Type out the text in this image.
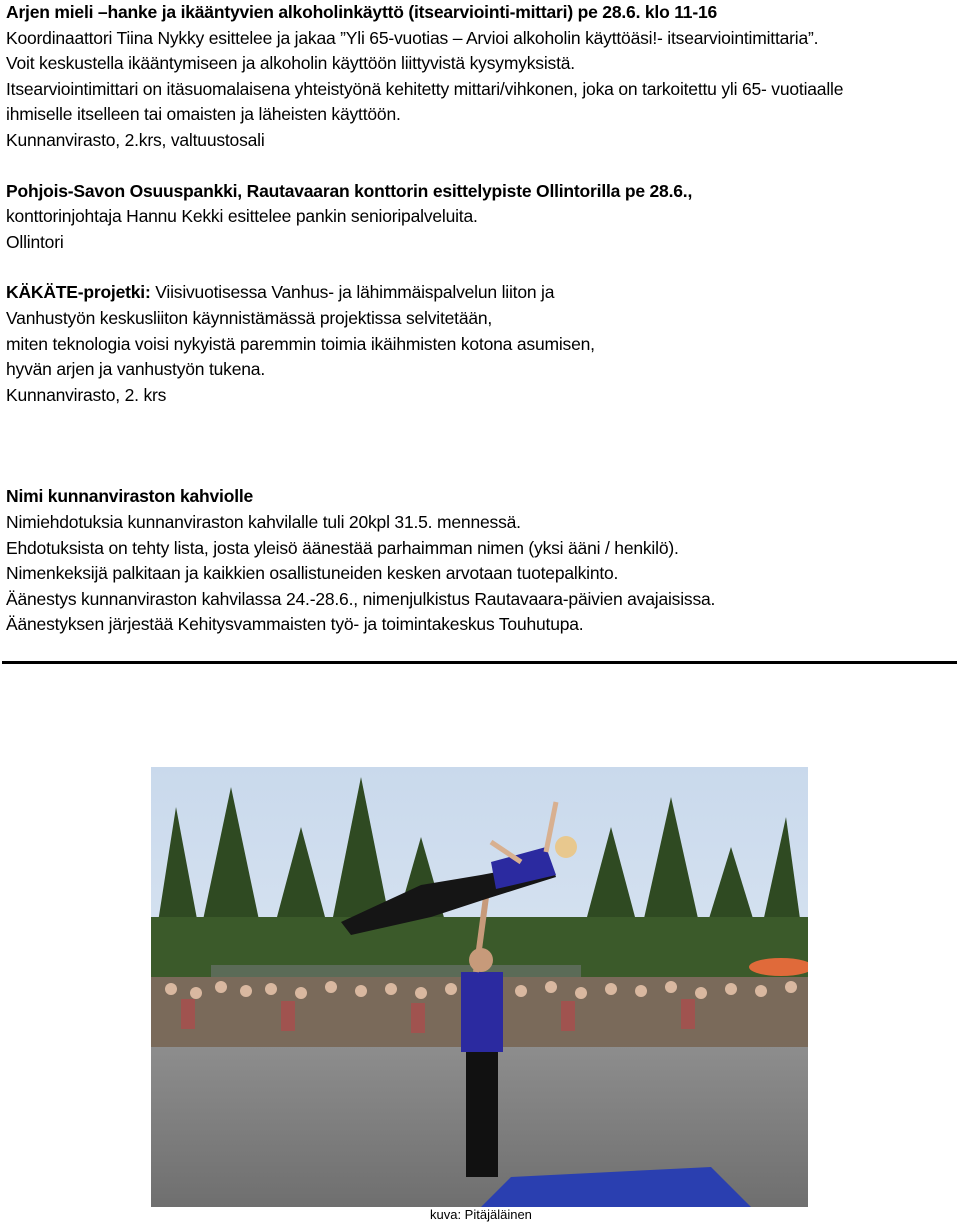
Arjen mieli –hanke ja ikääntyvien alkoholinkäyttö (itsearviointi-mittari) pe 28.6. klo 11-16
Koordinaattori Tiina Nykky esittelee ja jakaa ”Yli 65-vuotias – Arvioi alkoholin käyttöäsi!- itsearviointimittaria”.
Voit keskustella ikääntymiseen ja alkoholin käyttöön liittyvistä kysymyksistä.
Itsearviointimittari on itäsuomalaisena yhteistyönä kehitetty mittari/vihkonen, joka on tarkoitettu yli 65- vuotiaalle
ihmiselle itselleen tai omaisten ja läheisten käyttöön.
Kunnanvirasto, 2.krs, valtuustosali
Pohjois-Savon Osuuspankki, Rautavaaran konttorin esittelypiste Ollintorilla pe 28.6.,
konttorinjohtaja Hannu Kekki esittelee pankin senioripalveluita.
Ollintori
KÄKÄTE-projetki: Viisivuotisessa Vanhus- ja lähimmäispalvelun liiton ja
Vanhustyön keskusliiton käynnistämässä projektissa selvitetään,
miten teknologia voisi nykyistä paremmin toimia ikäihmisten kotona asumisen,
hyvän arjen ja vanhustyön tukena.
Kunnanvirasto, 2. krs
Nimi kunnanviraston kahviolle
Nimiehdotuksia kunnanviraston kahvilalle tuli 20kpl 31.5. mennessä.
Ehdotuksista on tehty lista, josta yleisö äänestää parhaimman nimen (yksi ääni / henkilö).
Nimenkeksijä palkitaan ja kaikkien osallistuneiden kesken arvotaan tuotepalkinto.
Äänestys kunnanviraston kahvilassa 24.-28.6., nimenjulkistus Rautavaara-päivien avajaisissa.
Äänestyksen järjestää Kehitysvammaisten työ- ja toimintakeskus Touhutupa.
kuva: Pitäjäläinen
